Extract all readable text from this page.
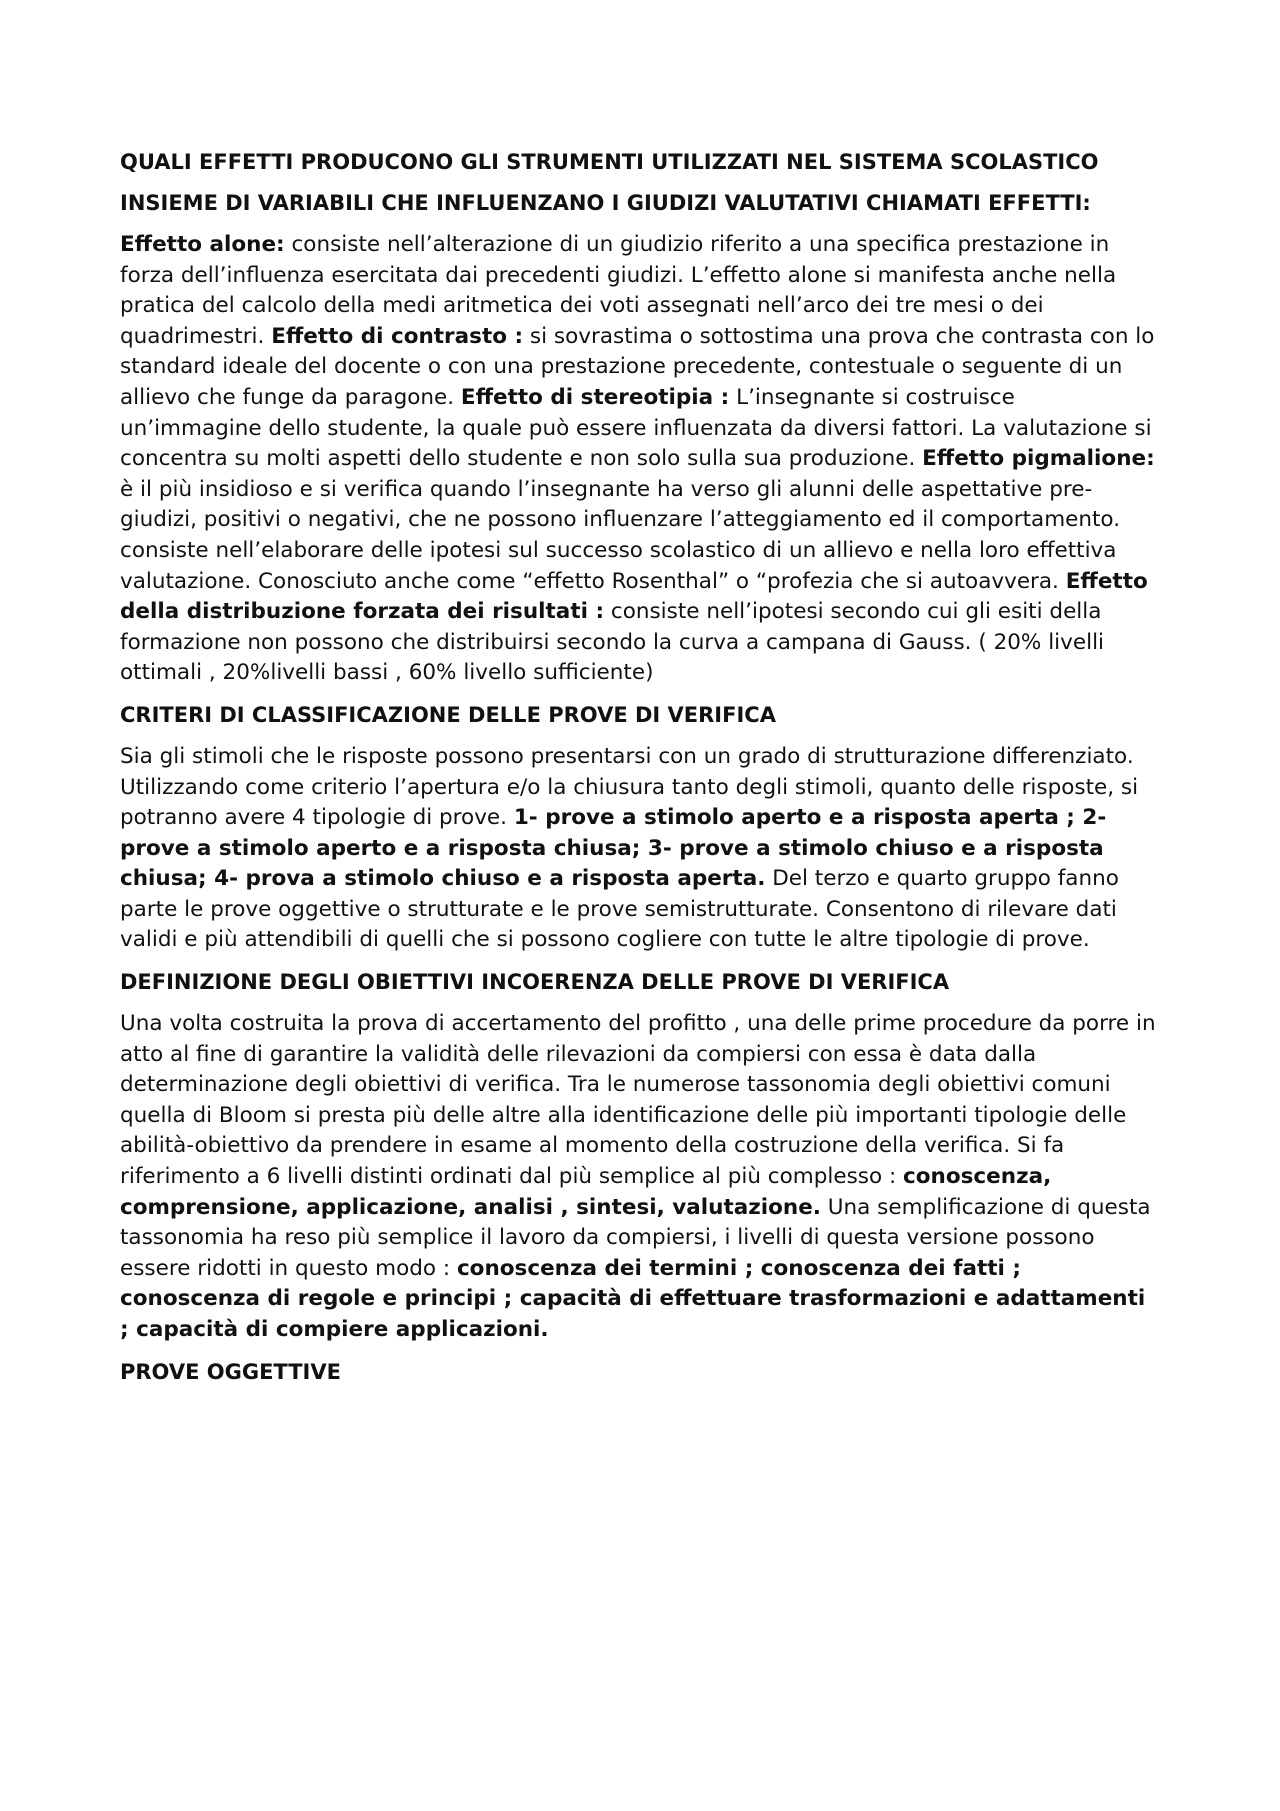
QUALI EFFETTI PRODUCONO GLI STRUMENTI UTILIZZATI NEL SISTEMA SCOLASTICO
INSIEME DI VARIABILI CHE INFLUENZANO I GIUDIZI VALUTATIVI CHIAMATI EFFETTI:

Effetto alone: consiste nell’alterazione di un giudizio riferito a una specifica prestazione in forza dell’influenza esercitata dai precedenti giudizi. L’effetto alone si manifesta anche nella pratica del calcolo della medi aritmetica dei voti assegnati nell’arco dei tre mesi o dei quadrimestri. Effetto di contrasto : si sovrastima o sottostima una prova che contrasta con lo standard ideale del docente o con una prestazione precedente, contestuale o seguente di un allievo che funge da paragone. Effetto di stereotipia : L’insegnante si costruisce un’immagine dello studente, la quale può essere influenzata da diversi fattori. La valutazione si concentra su molti aspetti dello studente e non solo sulla sua produzione. Effetto pigmalione: è il più insidioso e si verifica quando l’insegnante ha verso gli alunni delle aspettative pre-giudizi, positivi o negativi, che ne possono influenzare l’atteggiamento ed il comportamento. consiste nell’elaborare delle ipotesi sul successo scolastico di un allievo e nella loro effettiva valutazione. Conosciuto anche come “effetto Rosenthal” o “profezia che si autoavvera. Effetto della distribuzione forzata dei risultati : consiste nell’ipotesi secondo cui gli esiti della formazione non possono che distribuirsi secondo la curva a campana di Gauss. ( 20% livelli ottimali , 20%livelli bassi , 60% livello sufficiente)

CRITERI DI CLASSIFICAZIONE DELLE PROVE DI VERIFICA

Sia gli stimoli che le risposte possono presentarsi con un grado di strutturazione differenziato. Utilizzando come criterio l’apertura e/o la chiusura tanto degli stimoli, quanto delle risposte, si potranno avere 4 tipologie di prove. 1- prove a stimolo aperto e a risposta aperta ; 2- prove a stimolo aperto e a risposta chiusa; 3- prove a stimolo chiuso e a risposta chiusa; 4- prova a stimolo chiuso e a risposta aperta. Del terzo e quarto gruppo fanno parte le prove oggettive o strutturate e le prove semistrutturate. Consentono di rilevare dati validi e più attendibili di quelli che si possono cogliere con tutte le altre tipologie di prove.

DEFINIZIONE DEGLI OBIETTIVI INCOERENZA DELLE PROVE DI VERIFICA

Una volta costruita la prova di accertamento del profitto , una delle prime procedure da porre in atto al fine di garantire la validità delle rilevazioni da compiersi con essa è data dalla determinazione degli obiettivi di verifica. Tra le numerose tassonomia degli obiettivi comuni quella di Bloom si presta più delle altre alla identificazione delle più importanti tipologie delle abilità-obiettivo da prendere in esame al momento della costruzione della verifica. Si fa riferimento a 6 livelli distinti ordinati dal più semplice al più complesso : conoscenza, comprensione, applicazione, analisi , sintesi, valutazione. Una semplificazione di questa tassonomia ha reso più semplice il lavoro da compiersi, i livelli di questa versione possono essere ridotti in questo modo : conoscenza dei termini ; conoscenza dei fatti ; conoscenza di regole e principi ; capacità di effettuare trasformazioni e adattamenti ; capacità di compiere applicazioni.

PROVE OGGETTIVE
